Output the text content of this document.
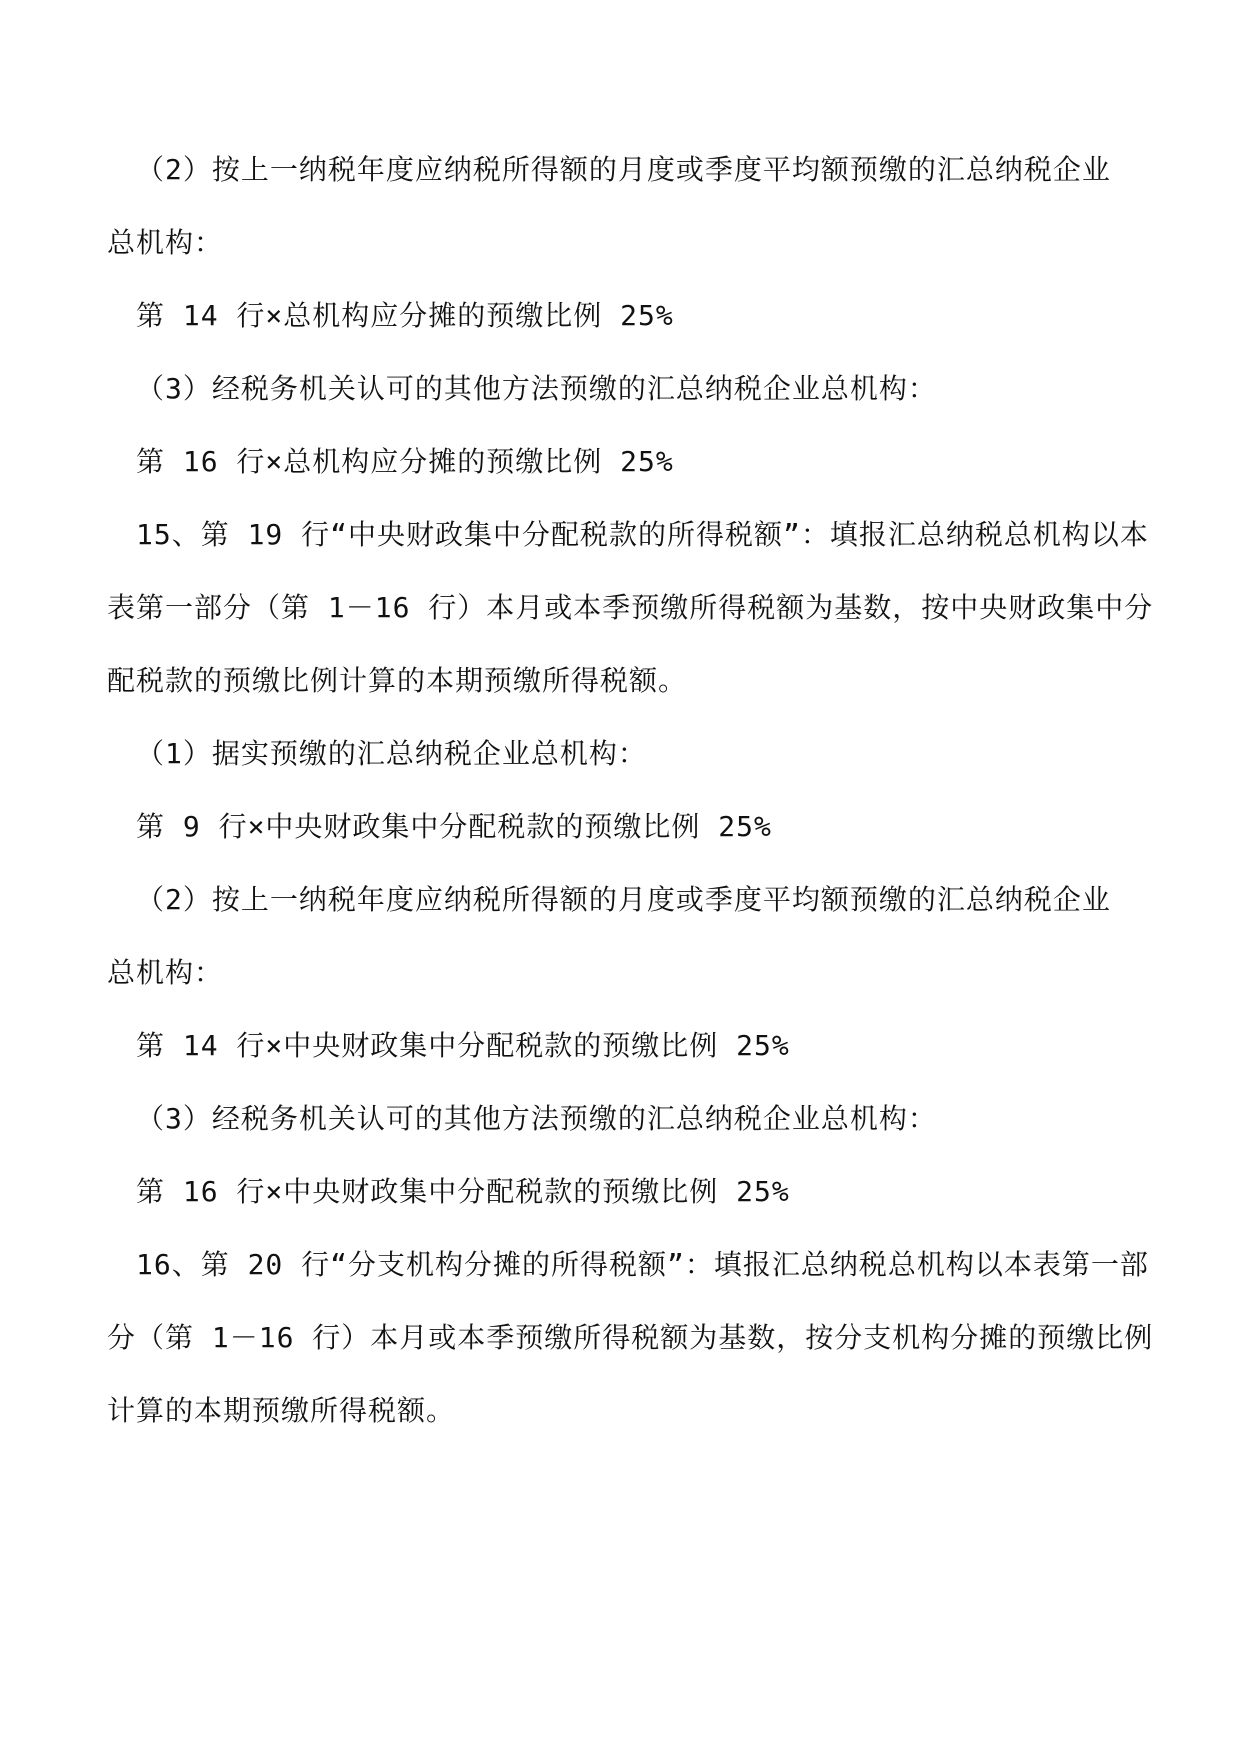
（2）按上一纳税年度应纳税所得额的月度或季度平均额预缴的汇总纳税企业
总机构：
第 14 行×总机构应分摊的预缴比例 25%
（3）经税务机关认可的其他方法预缴的汇总纳税企业总机构：
第 16 行×总机构应分摊的预缴比例 25%
15、第 19 行“中央财政集中分配税款的所得税额”：填报汇总纳税总机构以本
表第一部分（第 1－16 行）本月或本季预缴所得税额为基数，按中央财政集中分
配税款的预缴比例计算的本期预缴所得税额。
（1）据实预缴的汇总纳税企业总机构：
第 9 行×中央财政集中分配税款的预缴比例 25%
（2）按上一纳税年度应纳税所得额的月度或季度平均额预缴的汇总纳税企业
总机构：
第 14 行×中央财政集中分配税款的预缴比例 25%
（3）经税务机关认可的其他方法预缴的汇总纳税企业总机构：
第 16 行×中央财政集中分配税款的预缴比例 25%
16、第 20 行“分支机构分摊的所得税额”：填报汇总纳税总机构以本表第一部
分（第 1－16 行）本月或本季预缴所得税额为基数，按分支机构分摊的预缴比例
计算的本期预缴所得税额。
